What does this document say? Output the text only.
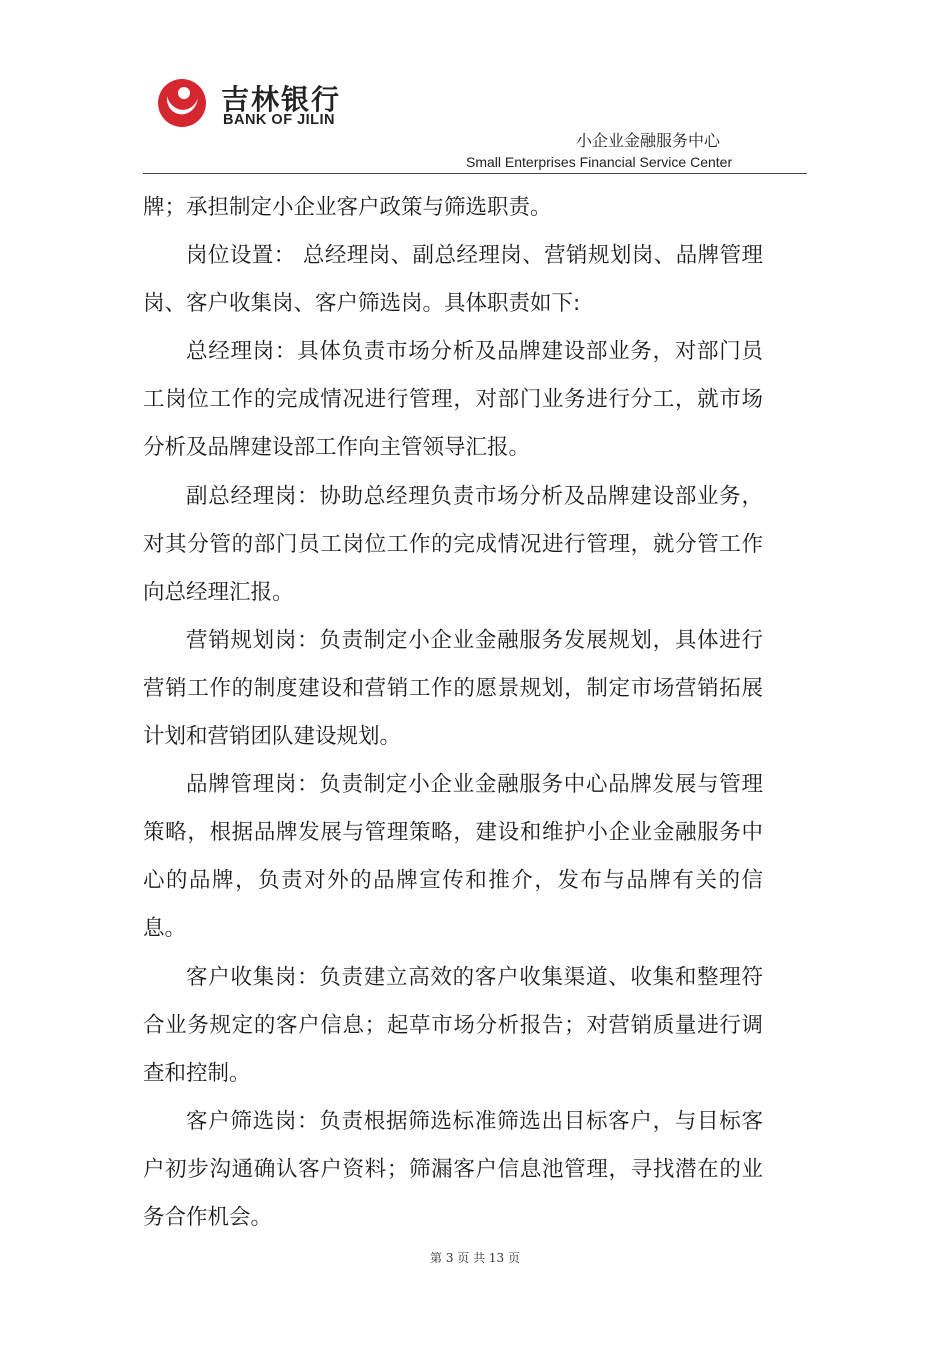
吉林银行
BANK OF JILIN
小企业金融服务中心
Small Enterprises Financial Service Center

牌；承担制定小企业客户政策与筛选职责。

岗位设置： 总经理岗、副总经理岗、营销规划岗、品牌管理岗、客户收集岗、客户筛选岗。具体职责如下:

总经理岗：具体负责市场分析及品牌建设部业务，对部门员工岗位工作的完成情况进行管理，对部门业务进行分工，就市场分析及品牌建设部工作向主管领导汇报。

副总经理岗：协助总经理负责市场分析及品牌建设部业务，对其分管的部门员工岗位工作的完成情况进行管理，就分管工作向总经理汇报。

营销规划岗：负责制定小企业金融服务发展规划，具体进行营销工作的制度建设和营销工作的愿景规划，制定市场营销拓展计划和营销团队建设规划。

品牌管理岗：负责制定小企业金融服务中心品牌发展与管理策略，根据品牌发展与管理策略，建设和维护小企业金融服务中心的品牌，负责对外的品牌宣传和推介，发布与品牌有关的信息。

客户收集岗：负责建立高效的客户收集渠道、收集和整理符合业务规定的客户信息；起草市场分析报告；对营销质量进行调查和控制。

客户筛选岗：负责根据筛选标准筛选出目标客户，与目标客户初步沟通确认客户资料；筛漏客户信息池管理，寻找潜在的业务合作机会。

第 3 页 共 13 页
